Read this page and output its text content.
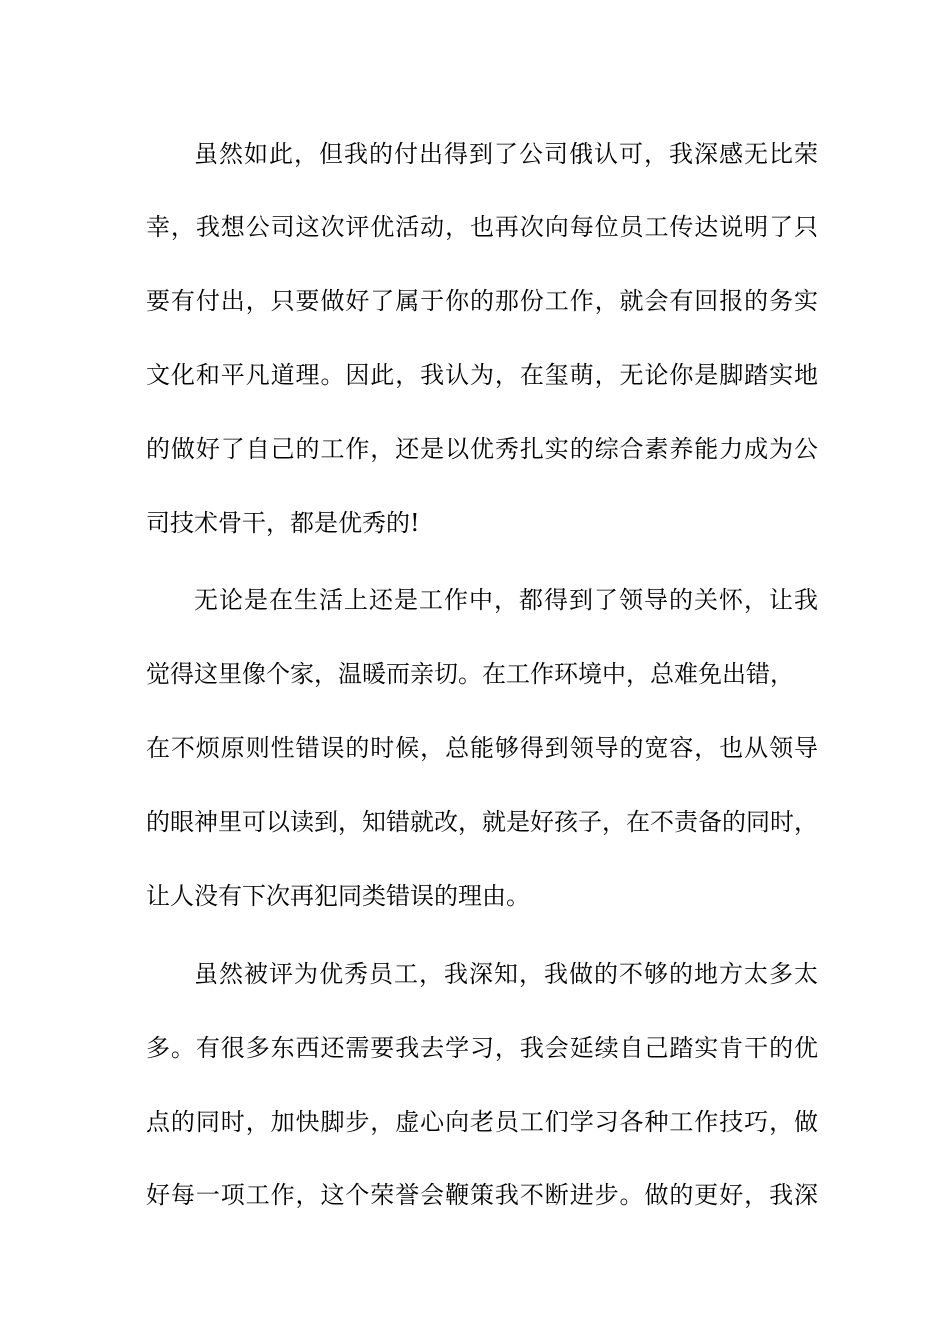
虽然如此，但我的付出得到了公司俄认可，我深感无比荣
幸，我想公司这次评优活动，也再次向每位员工传达说明了只
要有付出，只要做好了属于你的那份工作，就会有回报的务实
文化和平凡道理。因此，我认为，在玺萌，无论你是脚踏实地
的做好了自己的工作，还是以优秀扎实的综合素养能力成为公
司技术骨干，都是优秀的!
无论是在生活上还是工作中，都得到了领导的关怀，让我
觉得这里像个家，温暖而亲切。在工作环境中，总难免出错，
在不烦原则性错误的时候，总能够得到领导的宽容，也从领导
的眼神里可以读到，知错就改，就是好孩子，在不责备的同时，
让人没有下次再犯同类错误的理由。
虽然被评为优秀员工，我深知，我做的不够的地方太多太
多。有很多东西还需要我去学习，我会延续自己踏实肯干的优
点的同时，加快脚步，虚心向老员工们学习各种工作技巧，做
好每一项工作，这个荣誉会鞭策我不断进步。做的更好，我深
